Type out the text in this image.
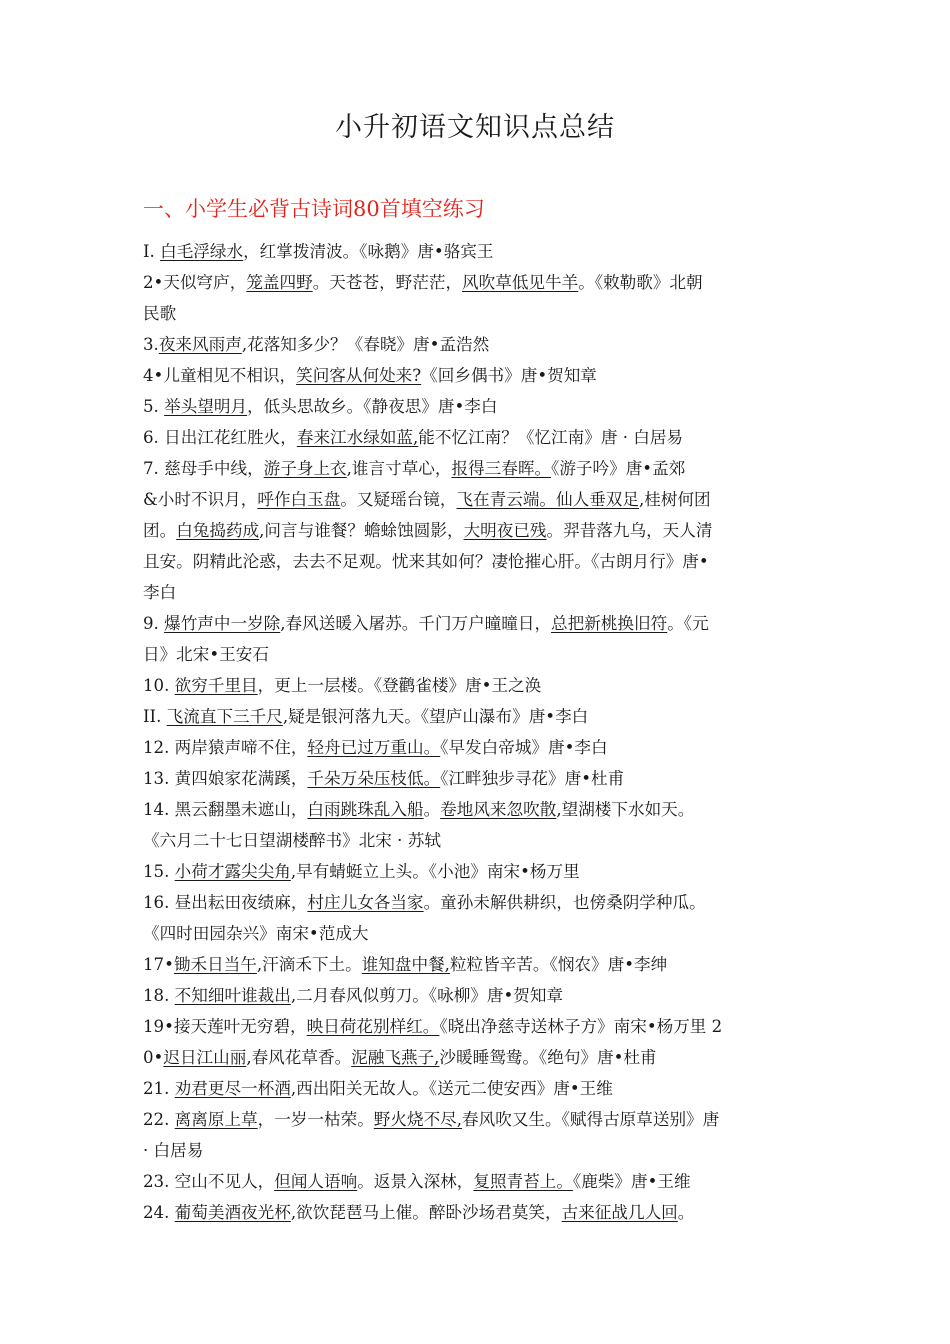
小升初语文知识点总结
一、小学生必背古诗词80首填空练习
I. 白毛浮绿水，红掌拨清波。《咏鹅》唐•骆宾王
2•天似穹庐，笼盖四野。天苍苍，野茫茫，风吹草低见牛羊。《敕勒歌》北朝
民歌
3.夜来风雨声,花落知多少？《春晓》唐•孟浩然
4•儿童相见不相识，笑问客从何处来?《回乡偶书》唐•贺知章
5. 举头望明月，低头思故乡。《静夜思》唐•李白
6. 日出江花红胜火，春来江水绿如蓝,能不忆江南？《忆江南》唐 · 白居易
7. 慈母手中线，游子身上衣,谁言寸草心，报得三春晖。《游子吟》唐•孟郊
&小时不识月，呼作白玉盘。又疑瑶台镜，飞在青云端。仙人垂双足,桂树何团
团。白兔捣药成,问言与谁餐？蟾蜍蚀圆影，大明夜已残。羿昔落九乌，天人清
且安。阴精此沦惑，去去不足观。忧来其如何？凄怆摧心肝。《古朗月行》唐•
李白
9. 爆竹声中一岁除,春风送暖入屠苏。千门万户曈曈日，总把新桃换旧符。《元
日》北宋•王安石
10. 欲穷千里目，更上一层楼。《登鹳雀楼》唐•王之涣
II. 飞流直下三千尺,疑是银河落九天。《望庐山瀑布》唐•李白
12. 两岸猿声啼不住，轻舟已过万重山。《早发白帝城》唐•李白
13. 黄四娘家花满蹊，千朵万朵压枝低。《江畔独步寻花》唐•杜甫
14. 黑云翻墨未遮山，白雨跳珠乱入船。卷地风来忽吹散,望湖楼下水如天。
《六月二十七日望湖楼醉书》北宋 · 苏轼
15. 小荷才露尖尖角,早有蜻蜓立上头。《小池》南宋•杨万里
16. 昼出耘田夜绩麻，村庄儿女各当家。童孙未解供耕织，也傍桑阴学种瓜。
《四时田园杂兴》南宋•范成大
17•锄禾日当午,汗滴禾下土。谁知盘中餐,粒粒皆辛苦。《悯农》唐•李绅
18. 不知细叶谁裁出,二月春风似剪刀。《咏柳》唐•贺知章
19•接天莲叶无穷碧，映日荷花别样红。《晓出净慈寺送林子方》南宋•杨万里 2
0•迟日江山丽,春风花草香。泥融飞燕子,沙暖睡鸳鸯。《绝句》唐•杜甫
21. 劝君更尽一杯酒,西出阳关无故人。《送元二使安西》唐•王维
22. 离离原上草，一岁一枯荣。野火烧不尽,春风吹又生。《赋得古原草送别》唐
· 白居易
23. 空山不见人，但闻人语响。返景入深林，复照青苔上。《鹿柴》唐•王维
24. 葡萄美酒夜光杯,欲饮琵琶马上催。醉卧沙场君莫笑，古来征战几人回。
